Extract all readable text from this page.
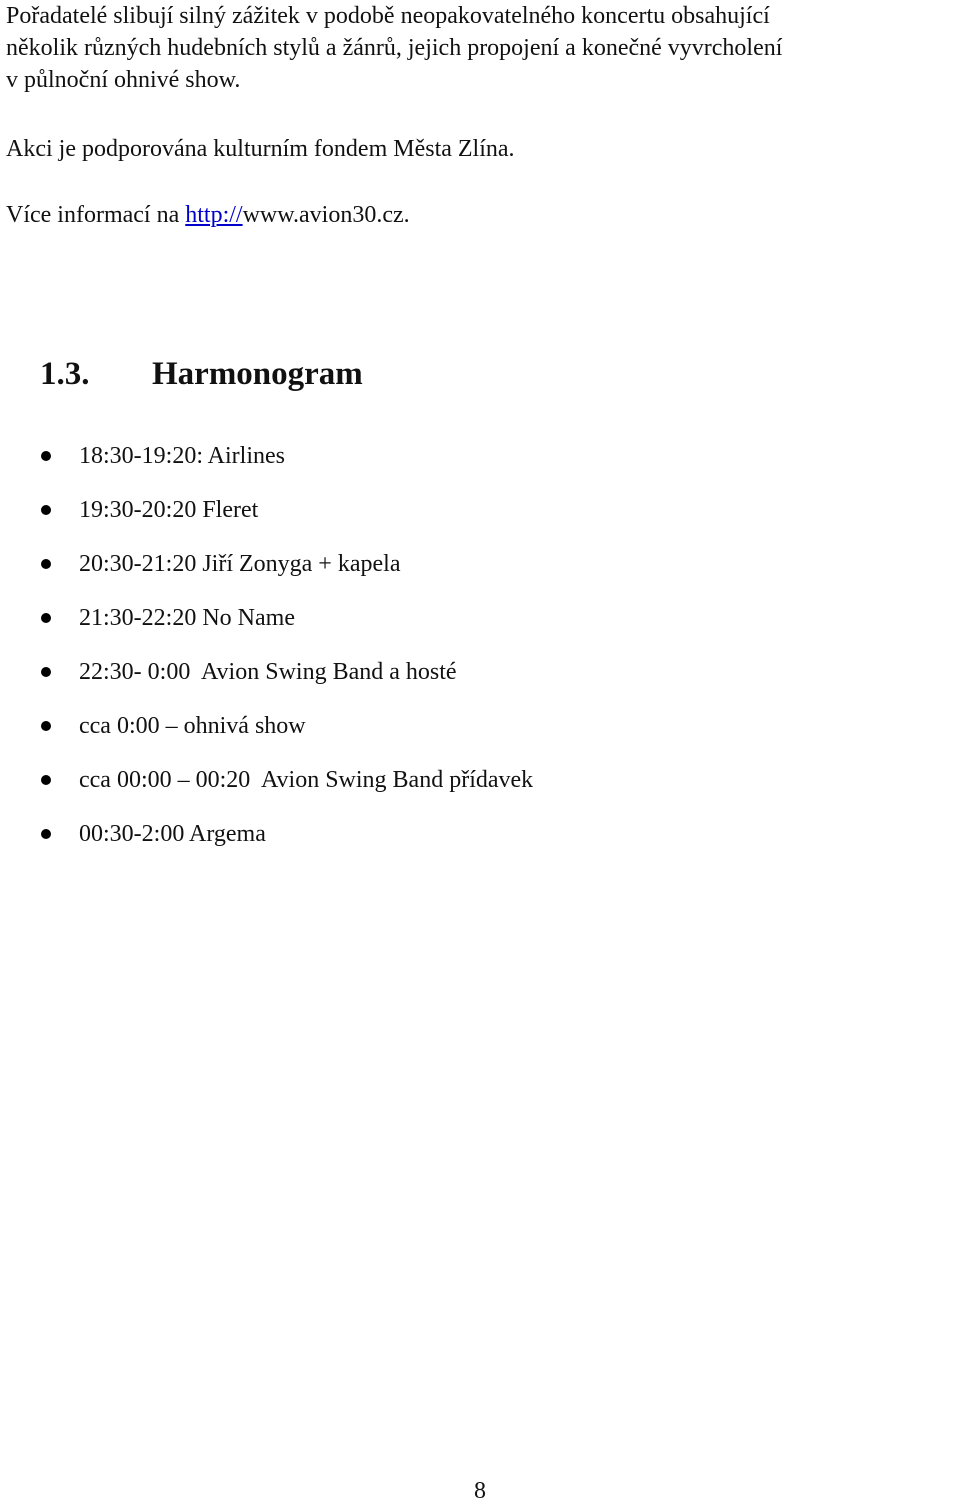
Pořadatelé slibují silný zážitek v podobě neopakovatelného koncertu obsahující
několik různých hudebních stylů a žánrů, jejich propojení a konečné vyvrcholení
v půlnoční ohnivé show.

Akci je podporována kulturním fondem Města Zlína.

Více informací na http://www.avion30.cz.

1.3. Harmonogram
18:30-19:20: Airlines
19:30-20:20 Fleret
20:30-21:20 Jiří Zonyga + kapela
21:30-22:20 No Name
22:30- 0:00  Avion Swing Band a hosté
cca 0:00 – ohnivá show
cca 00:00 – 00:20  Avion Swing Band přídavek
00:30-2:00 Argema

8
